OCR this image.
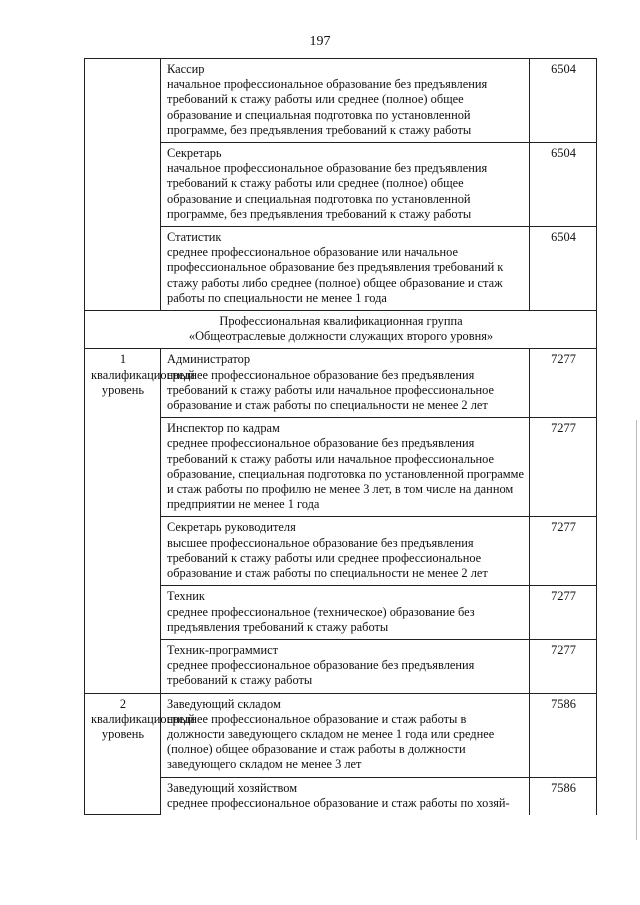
197

	Кассир
начальное профессиональное образование без предъявления требований к стажу работы или среднее (полное) общее образование и специальная подготовка по установленной программе, без предъявления требований к стажу работы	6504

	Секретарь
начальное профессиональное образование без предъявления требований к стажу работы или среднее (полное) общее образование и специальная подготовка по установленной программе, без предъявления требований к стажу работы	6504

	Статистик
среднее профессиональное образование или начальное профессиональное образование без предъявления требований к стажу работы либо среднее (полное) общее образование и стаж работы по специальности не менее 1 года	6504

Профессиональная квалификационная группа
«Общеотраслевые должности служащих второго уровня»		

1 квалификационный уровень	Администратор
среднее профессиональное образование без предъявления требований к стажу работы или начальное профессиональное образование и стаж работы по специальности не менее 2 лет	7277

	Инспектор по кадрам
среднее профессиональное образование без предъявления требований к стажу работы или начальное профессиональное образование, специальная подготовка по установленной программе и стаж работы по профилю не менее 3 лет, в том числе на данном предприятии не менее 1 года	7277

	Секретарь руководителя
высшее профессиональное образование без предъявления требований к стажу работы или среднее профессиональное образование и стаж работы по специальности не менее 2 лет	7277

	Техник
среднее профессиональное (техническое) образование без предъявления требований к стажу работы	7277

	Техник-программист
среднее профессиональное образование без предъявления требований к стажу работы	7277
2 квалификационный уровень	Заведующий складом
среднее профессиональное образование и стаж работы в должности заведующего складом не менее 1 года или среднее (полное) общее образование и стаж работы в должности заведующего складом не менее 3 лет	7586

	Заведующий хозяйством
среднее профессиональное образование и стаж работы по хозяй-	7586
